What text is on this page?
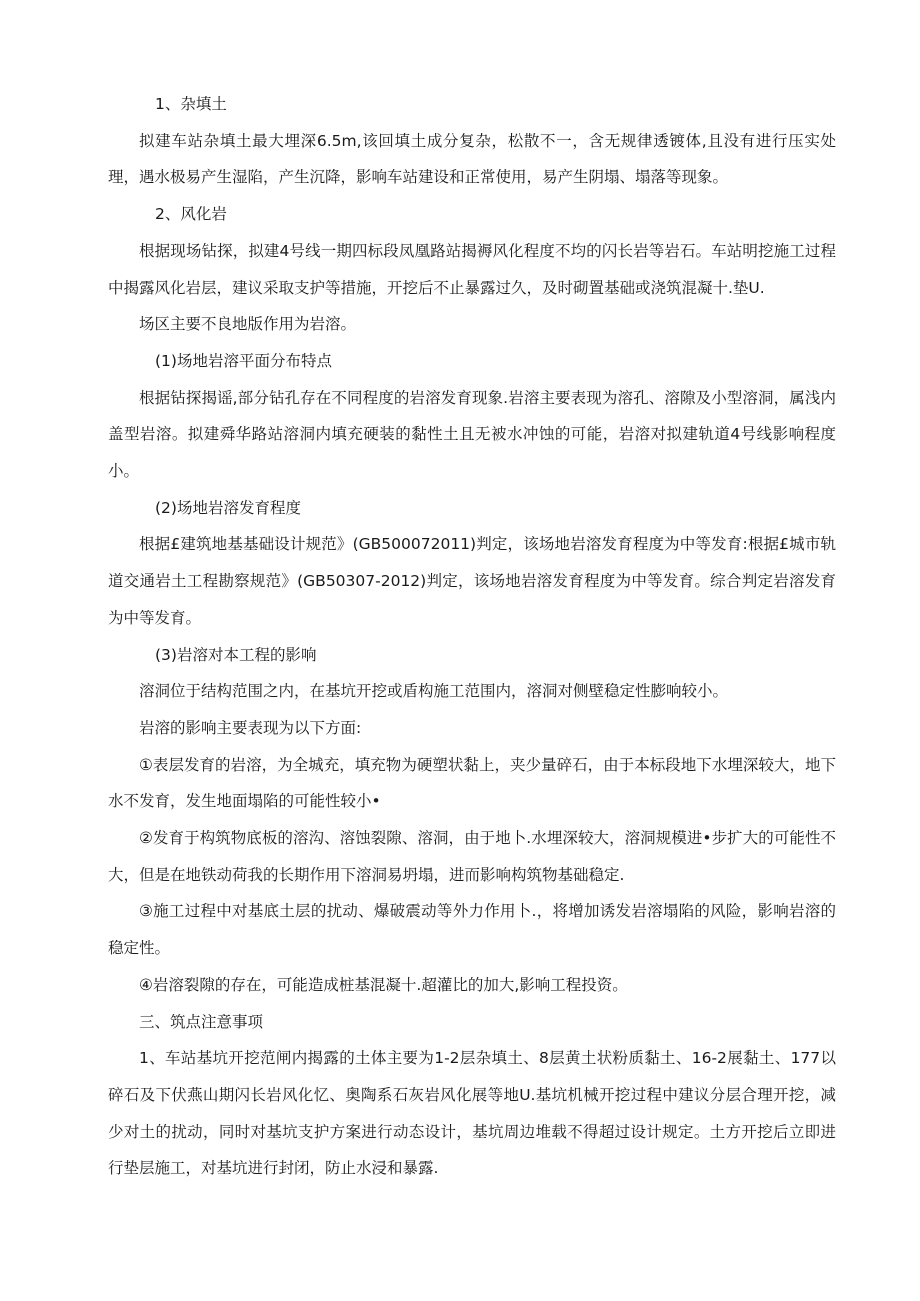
1、杂填土

拟建车站杂填土最大埋深6.5m,该回填土成分复杂，松散不一，含无规律透镀体,且没有进行压实处理，遇水极易产生湿陷，产生沉降，影响车站建设和正常使用，易产生阴塌、塌落等现象。

2、风化岩

根据现场钻探，拟建4号线一期四标段凤凰路站揭褥风化程度不均的闪长岩等岩石。车站明挖施工过程中揭露风化岩层，建议采取支护等措施，开挖后不止暴露过久，及时砌置基础或浇筑混凝十.垫U.

场区主要不良地版作用为岩溶。

(1)场地岩溶平面分布特点

根据钻探揭谣,部分钻孔存在不同程度的岩溶发育现象.岩溶主要表现为溶孔、溶隙及小型溶洞，属浅内盖型岩溶。拟建舜华路站溶洞内填充硬装的黏性土且无被水冲蚀的可能，岩溶对拟建轨道4号线影响程度小。

(2)场地岩溶发育程度

根据£建筑地基基础设计规范》(GB500072011)判定，该场地岩溶发育程度为中等发育:根据£城市轨道交通岩土工程勘察规范》(GB50307-2012)判定，该场地岩溶发育程度为中等发育。综合判定岩溶发育为中等发育。

(3)岩溶对本工程的影响

溶洞位于结构范围之内，在基坑开挖或盾构施工范围内，溶洞对侧壁稳定性膨响较小。

岩溶的影响主要表现为以下方面:

①表层发育的岩溶，为全城充，填充物为硬塑状黏上，夹少量碎石，由于本标段地下水埋深较大，地下水不发育，发生地面塌陷的可能性较小•

②发育于构筑物底板的溶沟、溶蚀裂隙、溶洞，由于地卜.水埋深较大，溶洞规模进•步扩大的可能性不大，但是在地铁动荷我的长期作用下溶洞易坍塌，进而影响构筑物基础稳定.

③施工过程中对基底土层的扰动、爆破震动等外力作用卜.，将增加诱发岩溶塌陷的风险，影响岩溶的稳定性。

④岩溶裂隙的存在，可能造成桩基混凝十.超灌比的加大,影响工程投资。

三、筑点注意事项

1、车站基坑开挖范闸内揭露的土体主要为1-2层杂填土、8层黄土状粉质黏土、16-2展黏土、177以碎石及下伏燕山期闪长岩风化忆、奥陶系石灰岩风化展等地U.基坑机械开挖过程中建议分层合理开挖，减少对土的扰动，同时对基坑支护方案进行动态设计，基坑周边堆载不得超过设计规定。土方开挖后立即进行垫层施工，对基坑进行封闭，防止水浸和暴露.
